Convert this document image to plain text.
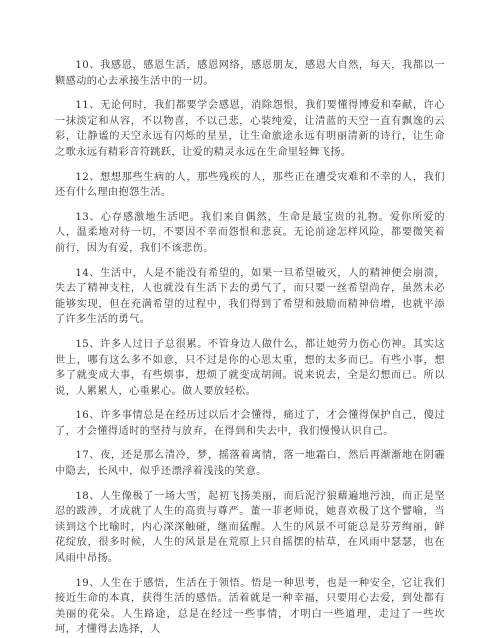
10、我感恩，感恩生活，感恩网络，感恩朋友，感恩大自然，每天，我都以一颗感动的心去承接生活中的一切。

11、无论何时，我们都要学会感恩，消除怨恨，我们要懂得博爱和奉献，许心一抹淡定和从容，不以物喜，不以己悲，心装纯爱，让清蓝的天空一直有飘逸的云彩，让静谧的天空永远有闪烁的星星，让生命旅途永远有明丽清新的诗行，让生命之歌永远有精彩音符跳跃，让爱的精灵永远在生命里轻舞飞扬。

12、想想那些生病的人，那些残疾的人，那些正在遭受灾难和不幸的人，我们还有什么理由抱怨生活。

13、心存感激地生活吧。我们来自偶然，生命是最宝贵的礼物。爱你所爱的人，温柔地对待一切，不要因不幸而怨恨和悲哀。无论前途怎样风险，都要微笑着前行，因为有爱，我们不该悲伤。

14、生活中，人是不能没有希望的，如果一旦希望破灭，人的精神便会崩溃，失去了精神支柱，人也就没有生活下去的勇气了，而只要一丝希望尚存，虽然未必能够实现，但在充满希望的过程中，我们得到了希望和鼓励而精神倍增，也就平添了许多生活的勇气。

15、许多人过日子总很累。不管身边人做什么，都让她劳力伤心伤神。其实这世上，哪有这么多不如意，只不过是你的心思太重，想的太多而已。有些小事，想多了就变成大事，有些烦事，想烦了就变成胡闹。说来说去，全是幻想而已。所以说，人累累人，心重累心。做人要放轻松。

16、许多事情总是在经历过以后才会懂得，痛过了，才会懂得保护自己，傻过了，才会懂得适时的坚持与放弃，在得到和失去中，我们慢慢认识自己。

17、夜，还是那么清冷，梦，摇落着离情，落一地霜白，然后再渐渐地在阴霾中隐去，长风中，似乎还漂浮着浅浅的笑意。

18、人生像极了一场大雪，起初飞扬美丽，而后泥泞狼藉遍地污浊，而正是坚忍的跋涉，才成就了人生的高贵与尊严。董一菲老师说，她喜欢极了这个譬喻，当读到这个比喻时，内心深深触碰，继而猛醒。人生的风景不可能总是芬芳绚丽，鲜花绽放，很多时候，人生的风景是在荒原上只自摇摆的枯草，在风雨中瑟瑟，也在风雨中昂扬。

19、人生在于感悟，生活在于领悟。悟是一种思考，也是一种安全，它让我们接近生命的本真，获得生活的感悟。活着就是一种幸福，只要用心去爱，到处都有美丽的花朵。人生路途，总是在经过一些事情，才明白一些道理，走过了一些坎坷，才懂得去选择，人
